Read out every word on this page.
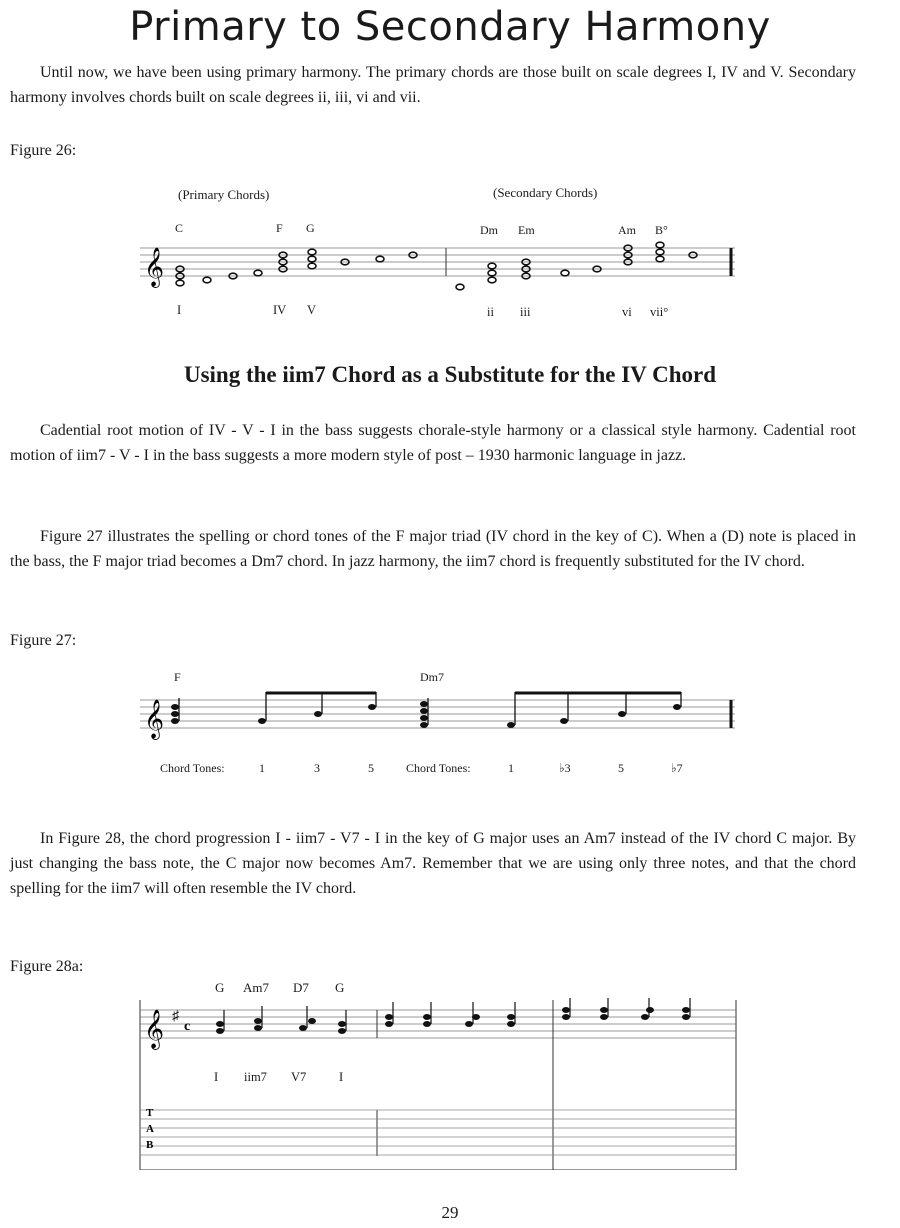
Primary to Secondary Harmony

Until now, we have been using primary harmony. The primary chords are those built on scale degrees I, IV and V. Secondary harmony involves chords built on scale degrees ii, iii, vi and vii.

Figure 26:
(Primary Chords)	(Secondary Chords)
C	F G	Dm Em	Am B°
𝄞
I	IV V	ii iii	vi vii°
Using the iim7 Chord as a Substitute for the IV Chord

Cadential root motion of IV - V - I in the bass suggests chorale-style harmony or a classical style harmony. Cadential root motion of iim7 - V - I in the bass suggests a more modern style of post – 1930 harmonic language in jazz.

Figure 27 illustrates the spelling or chord tones of the F major triad (IV chord in the key of C). When a (D) note is placed in the bass, the F major triad becomes a Dm7 chord. In jazz harmony, the iim7 chord is frequently substituted for the IV chord.

Figure 27:
F	Dm7
𝄞
Chord Tones:	1	3	5	Chord Tones:	1	♭3	5	♭7

In Figure 28, the chord progression I - iim7 - V7 - I in the key of G major uses an Am7 instead of the IV chord C major. By just changing the bass note, the C major now becomes Am7. Remember that we are using only three notes, and that the chord spelling for the iim7 will often resemble the IV chord.

Figure 28a:
G Am7 D7 G
𝄞 ♯
c
T
A
B
I iim7 V7	I
29
